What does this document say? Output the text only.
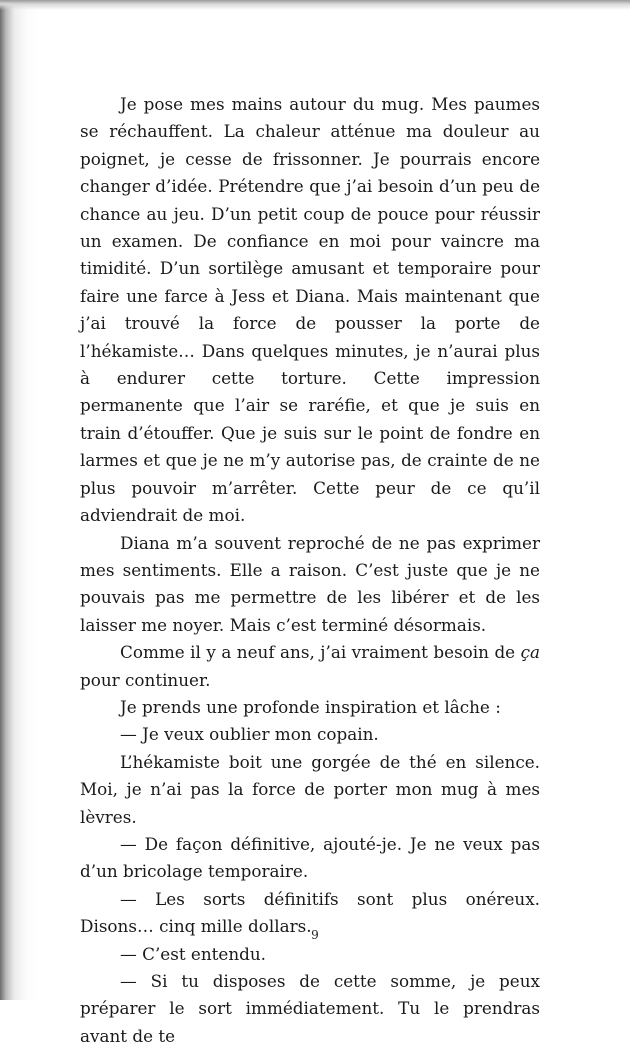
Je pose mes mains autour du mug. Mes paumes se réchauffent. La chaleur atténue ma douleur au poignet, je cesse de frissonner. Je pourrais encore changer d’idée. Prétendre que j’ai besoin d’un peu de chance au jeu. D’un petit coup de pouce pour réussir un examen. De confiance en moi pour vaincre ma timidité. D’un sortilège amusant et temporaire pour faire une farce à Jess et Diana. Mais maintenant que j’ai trouvé la force de pousser la porte de l’hékamiste… Dans quelques minutes, je n’aurai plus à endurer cette torture. Cette impression permanente que l’air se raréfie, et que je suis en train d’étouffer. Que je suis sur le point de fondre en larmes et que je ne m’y autorise pas, de crainte de ne plus pouvoir m’arrêter. Cette peur de ce qu’il adviendrait de moi.

Diana m’a souvent reproché de ne pas exprimer mes sentiments. Elle a raison. C’est juste que je ne pouvais pas me permettre de les libérer et de les laisser me noyer. Mais c’est terminé désormais.

Comme il y a neuf ans, j’ai vraiment besoin de ça pour continuer.

Je prends une profonde inspiration et lâche :

— Je veux oublier mon copain.

L’hékamiste boit une gorgée de thé en silence. Moi, je n’ai pas la force de porter mon mug à mes lèvres.

— De façon définitive, ajouté-je. Je ne veux pas d’un bricolage temporaire.

— Les sorts définitifs sont plus onéreux. Disons… cinq mille dollars.

— C’est entendu.

— Si tu disposes de cette somme, je peux préparer le sort immédiatement. Tu le prendras avant de te

9
